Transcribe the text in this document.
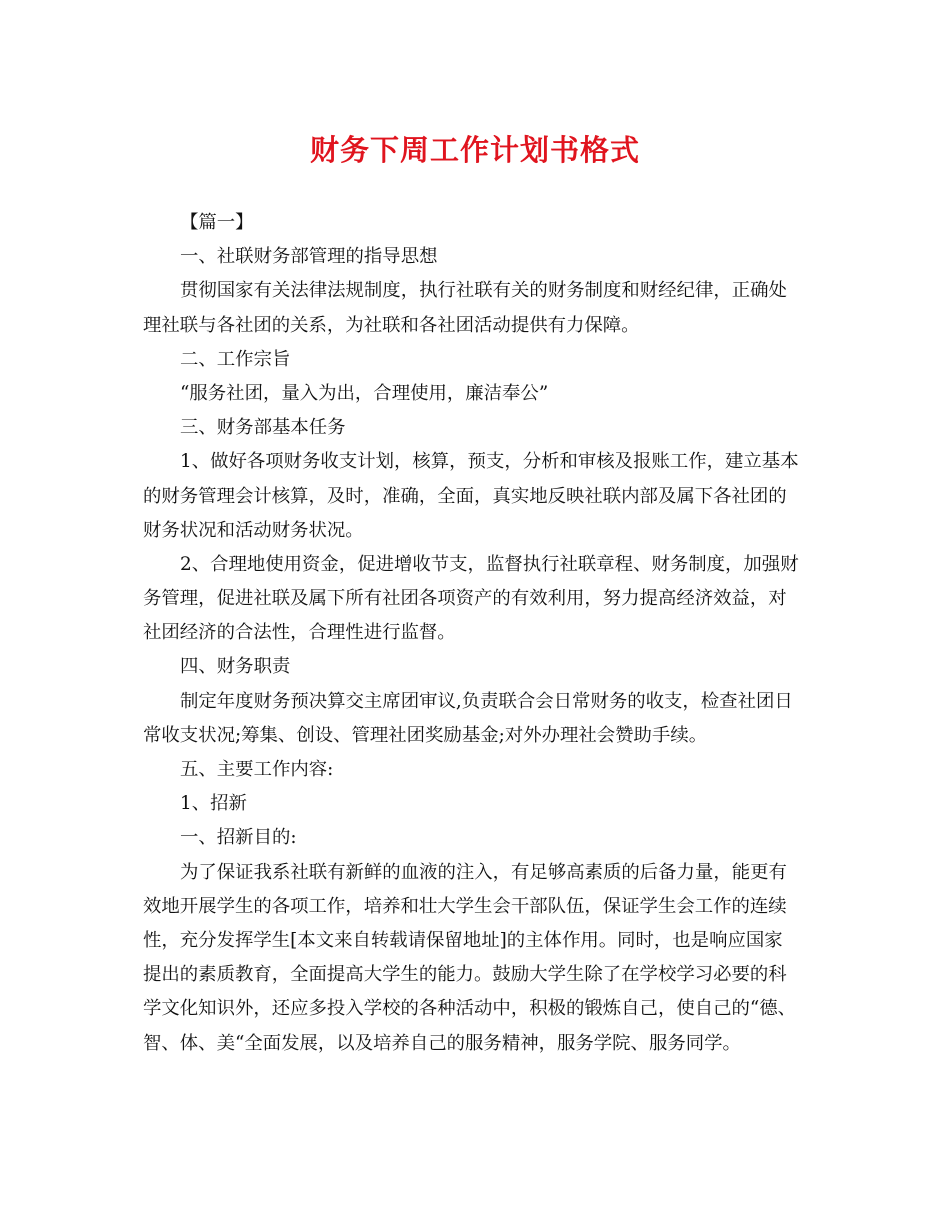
财务下周工作计划书格式
【篇一】
一、社联财务部管理的指导思想
贯彻国家有关法律法规制度，执行社联有关的财务制度和财经纪律，正确处
理社联与各社团的关系，为社联和各社团活动提供有力保障。
二、工作宗旨
“服务社团，量入为出，合理使用，廉洁奉公”
三、财务部基本任务
1、做好各项财务收支计划，核算，预支，分析和审核及报账工作，建立基本
的财务管理会计核算，及时，准确，全面，真实地反映社联内部及属下各社团的
财务状况和活动财务状况。
2、合理地使用资金，促进增收节支，监督执行社联章程、财务制度，加强财
务管理，促进社联及属下所有社团各项资产的有效利用，努力提高经济效益，对
社团经济的合法性，合理性进行监督。
四、财务职责
制定年度财务预决算交主席团审议,负责联合会日常财务的收支，检查社团日
常收支状况;筹集、创设、管理社团奖励基金;对外办理社会赞助手续。
五、主要工作内容:
1、招新
一、招新目的:
为了保证我系社联有新鲜的血液的注入，有足够高素质的后备力量，能更有
效地开展学生的各项工作，培养和壮大学生会干部队伍，保证学生会工作的连续
性，充分发挥学生[本文来自转载请保留地址]的主体作用。同时，也是响应国家
提出的素质教育，全面提高大学生的能力。鼓励大学生除了在学校学习必要的科
学文化知识外，还应多投入学校的各种活动中，积极的锻炼自己，使自己的“德、
智、体、美“全面发展，以及培养自己的服务精神，服务学院、服务同学。
